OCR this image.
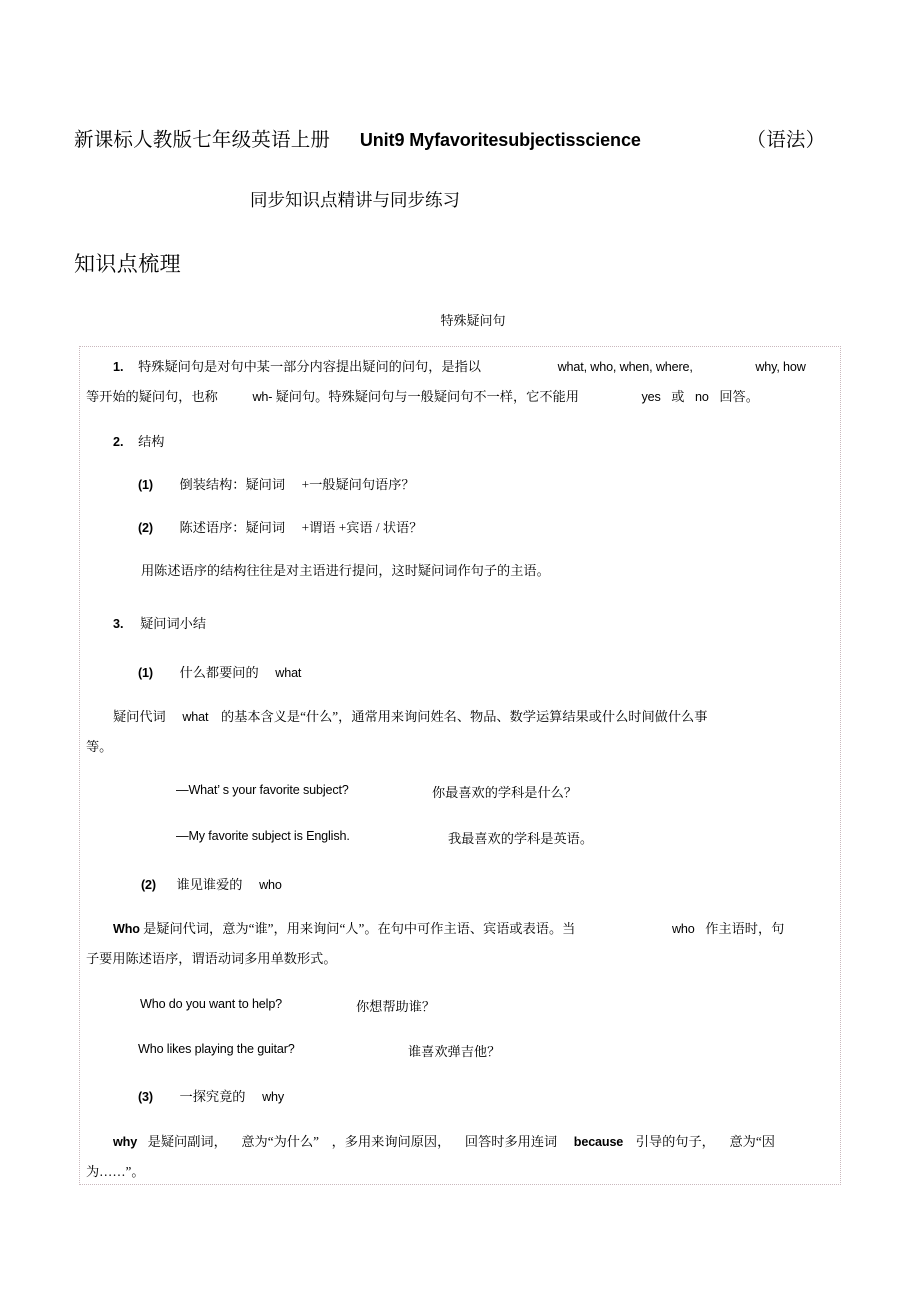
新课标人教版七年级英语上册 Unit9 Myfavoritesubjectisscience	（语法）
同步知识点精讲与同步练习
知识点梳理
特殊疑问句
1. 特殊疑问句是对句中某一部分内容提出疑问的问句，是指以	what, who, when, where,	why, how
等开始的疑问句，也称	wh- 疑问句。特殊疑问句与一般疑问句不一样，它不能用	yes 或 no 回答。
2. 结构
(1) 倒装结构：疑问词 +一般疑问句语序？
(2) 陈述语序：疑问词 +谓语 +宾语 / 状语？
用陈述语序的结构往往是对主语进行提问，这时疑问词作句子的主语。
3. 疑问词小结
(1) 什么都要问的 what
疑问代词 what 的基本含义是“什么”，通常用来询问姓名、物品、数学运算结果或什么时间做什么事
等。
—What’ s your favorite subject?	你最喜欢的学科是什么？
—My favorite subject is English.	我最喜欢的学科是英语。
(2) 谁见谁爱的 who
Who 是疑问代词，意为“谁”，用来询问“人”。在句中可作主语、宾语或表语。当	who 作主语时，句
子要用陈述语序，谓语动词多用单数形式。
Who do you want to help?	你想帮助谁？
Who likes playing the guitar?	谁喜欢弹吉他？
(3) 一探究竟的 why
why 是疑问副词， 意为“为什么” ，多用来询问原因， 回答时多用连词 because 引导的句子， 意为“因
为……”。
